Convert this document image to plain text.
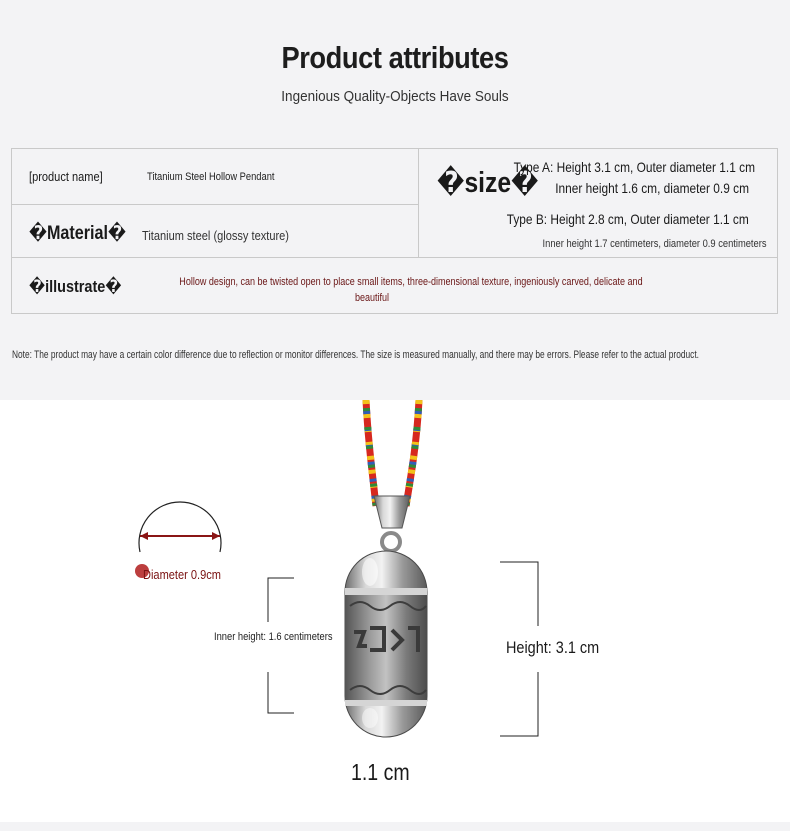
Product attributes
Ingenious Quality-Objects Have Souls
[product name]	Titanium Steel Hollow Pendant	�size�
Type A: Height 3.1 cm, Outer diameter 1.1 cm
Inner height 1.6 cm, diameter 0.9 cm
Type B: Height 2.8 cm, Outer diameter 1.1 cm
Inner height 1.7 centimeters, diameter 0.9 centimeters
�Material�	Titanium steel (glossy texture)
�illustrate�	Hollow design, can be twisted open to place small items, three-dimensional texture, ingeniously carved, delicate and
beautiful
Note: The product may have a certain color difference due to reflection or monitor differences. The size is measured manually, and there may be errors. Please refer to the actual product.
Diameter 0.9cm
Inner height: 1.6 centimeters
Height: 3.1 cm
1.1 cm
